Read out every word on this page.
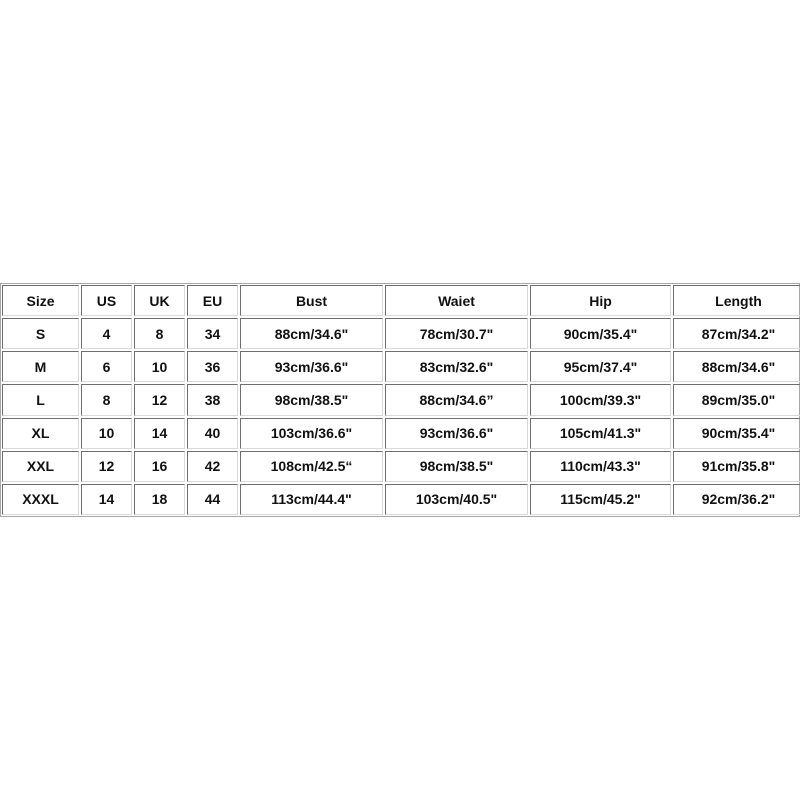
Size	US	UK	EU	Bust	Waiet	Hip	Length
S	4	8	34	88cm/34.6"	78cm/30.7"	90cm/35.4"	87cm/34.2"
M	6	10	36	93cm/36.6"	83cm/32.6"	95cm/37.4"	88cm/34.6"
L	8	12	38	98cm/38.5"	88cm/34.6”	100cm/39.3"	89cm/35.0"
XL	10	14	40	103cm/36.6"	93cm/36.6"	105cm/41.3"	90cm/35.4"
XXL	12	16	42	108cm/42.5“	98cm/38.5"	110cm/43.3"	91cm/35.8"
XXXL	14	18	44	113cm/44.4"	103cm/40.5"	115cm/45.2"	92cm/36.2"
